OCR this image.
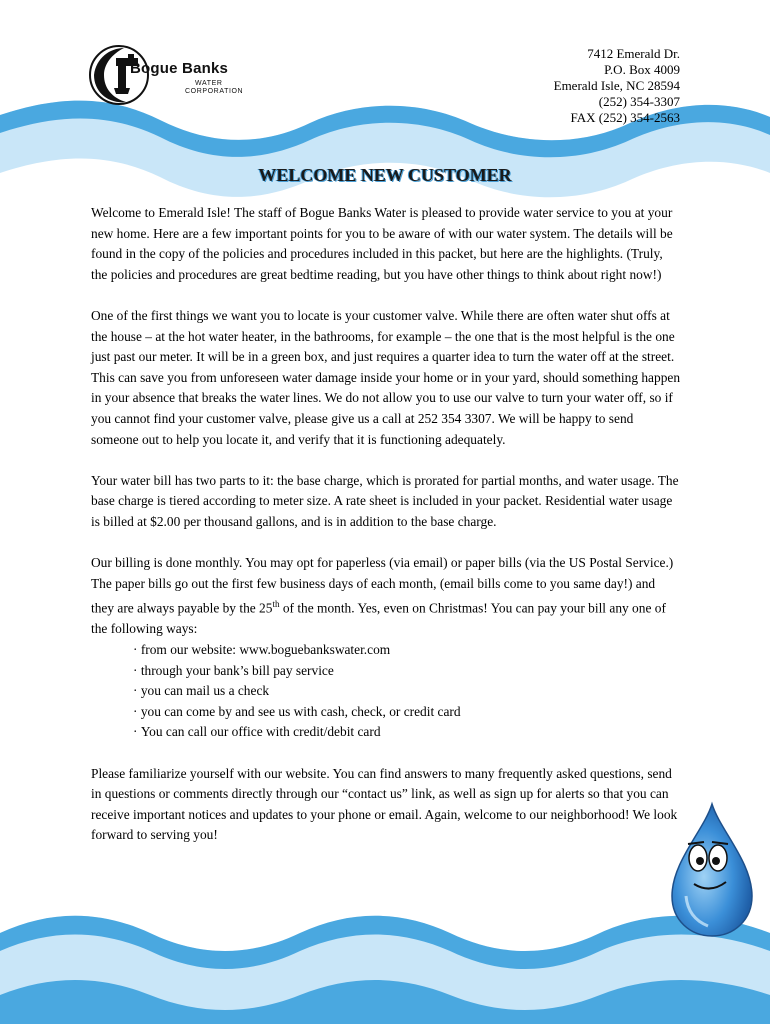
Bogue Banks
WATER
CORPORATION
7412 Emerald Dr.
P.O. Box 4009
Emerald Isle, NC 28594
(252) 354-3307
FAX (252) 354-2563
WELCOME NEW CUSTOMER

Welcome to Emerald Isle! The staff of Bogue Banks Water is pleased to provide water service to you at your new home. Here are a few important points for you to be aware of with our water system. The details will be found in the copy of the policies and procedures included in this packet, but here are the highlights. (Truly, the policies and procedures are great bedtime reading, but you have other things to think about right now!)

One of the first things we want you to locate is your customer valve. While there are often water shut offs at the house – at the hot water heater, in the bathrooms, for example – the one that is the most helpful is the one just past our meter. It will be in a green box, and just requires a quarter idea to turn the water off at the street. This can save you from unforeseen water damage inside your home or in your yard, should something happen in your absence that breaks the water lines. We do not allow you to use our valve to turn your water off, so if you cannot find your customer valve, please give us a call at 252 354 3307. We will be happy to send someone out to help you locate it, and verify that it is functioning adequately.

Your water bill has two parts to it: the base charge, which is prorated for partial months, and water usage. The base charge is tiered according to meter size. A rate sheet is included in your packet. Residential water usage is billed at $2.00 per thousand gallons, and is in addition to the base charge.

Our billing is done monthly. You may opt for paperless (via email) or paper bills (via the US Postal Service.) The paper bills go out the first few business days of each month, (email bills come to you same day!) and they are always payable by the 25th of the month. Yes, even on Christmas! You can pay your bill any one of the following ways:

· from our website: www.boguebankswater.com
· through your bank’s bill pay service
· you can mail us a check
· you can come by and see us with cash, check, or credit card
· You can call our office with credit/debit card

Please familiarize yourself with our website. You can find answers to many frequently asked questions, send in questions or comments directly through our “contact us” link, as well as sign up for alerts so that you can receive important notices and updates to your phone or email. Again, welcome to our neighborhood! We look forward to serving you!
